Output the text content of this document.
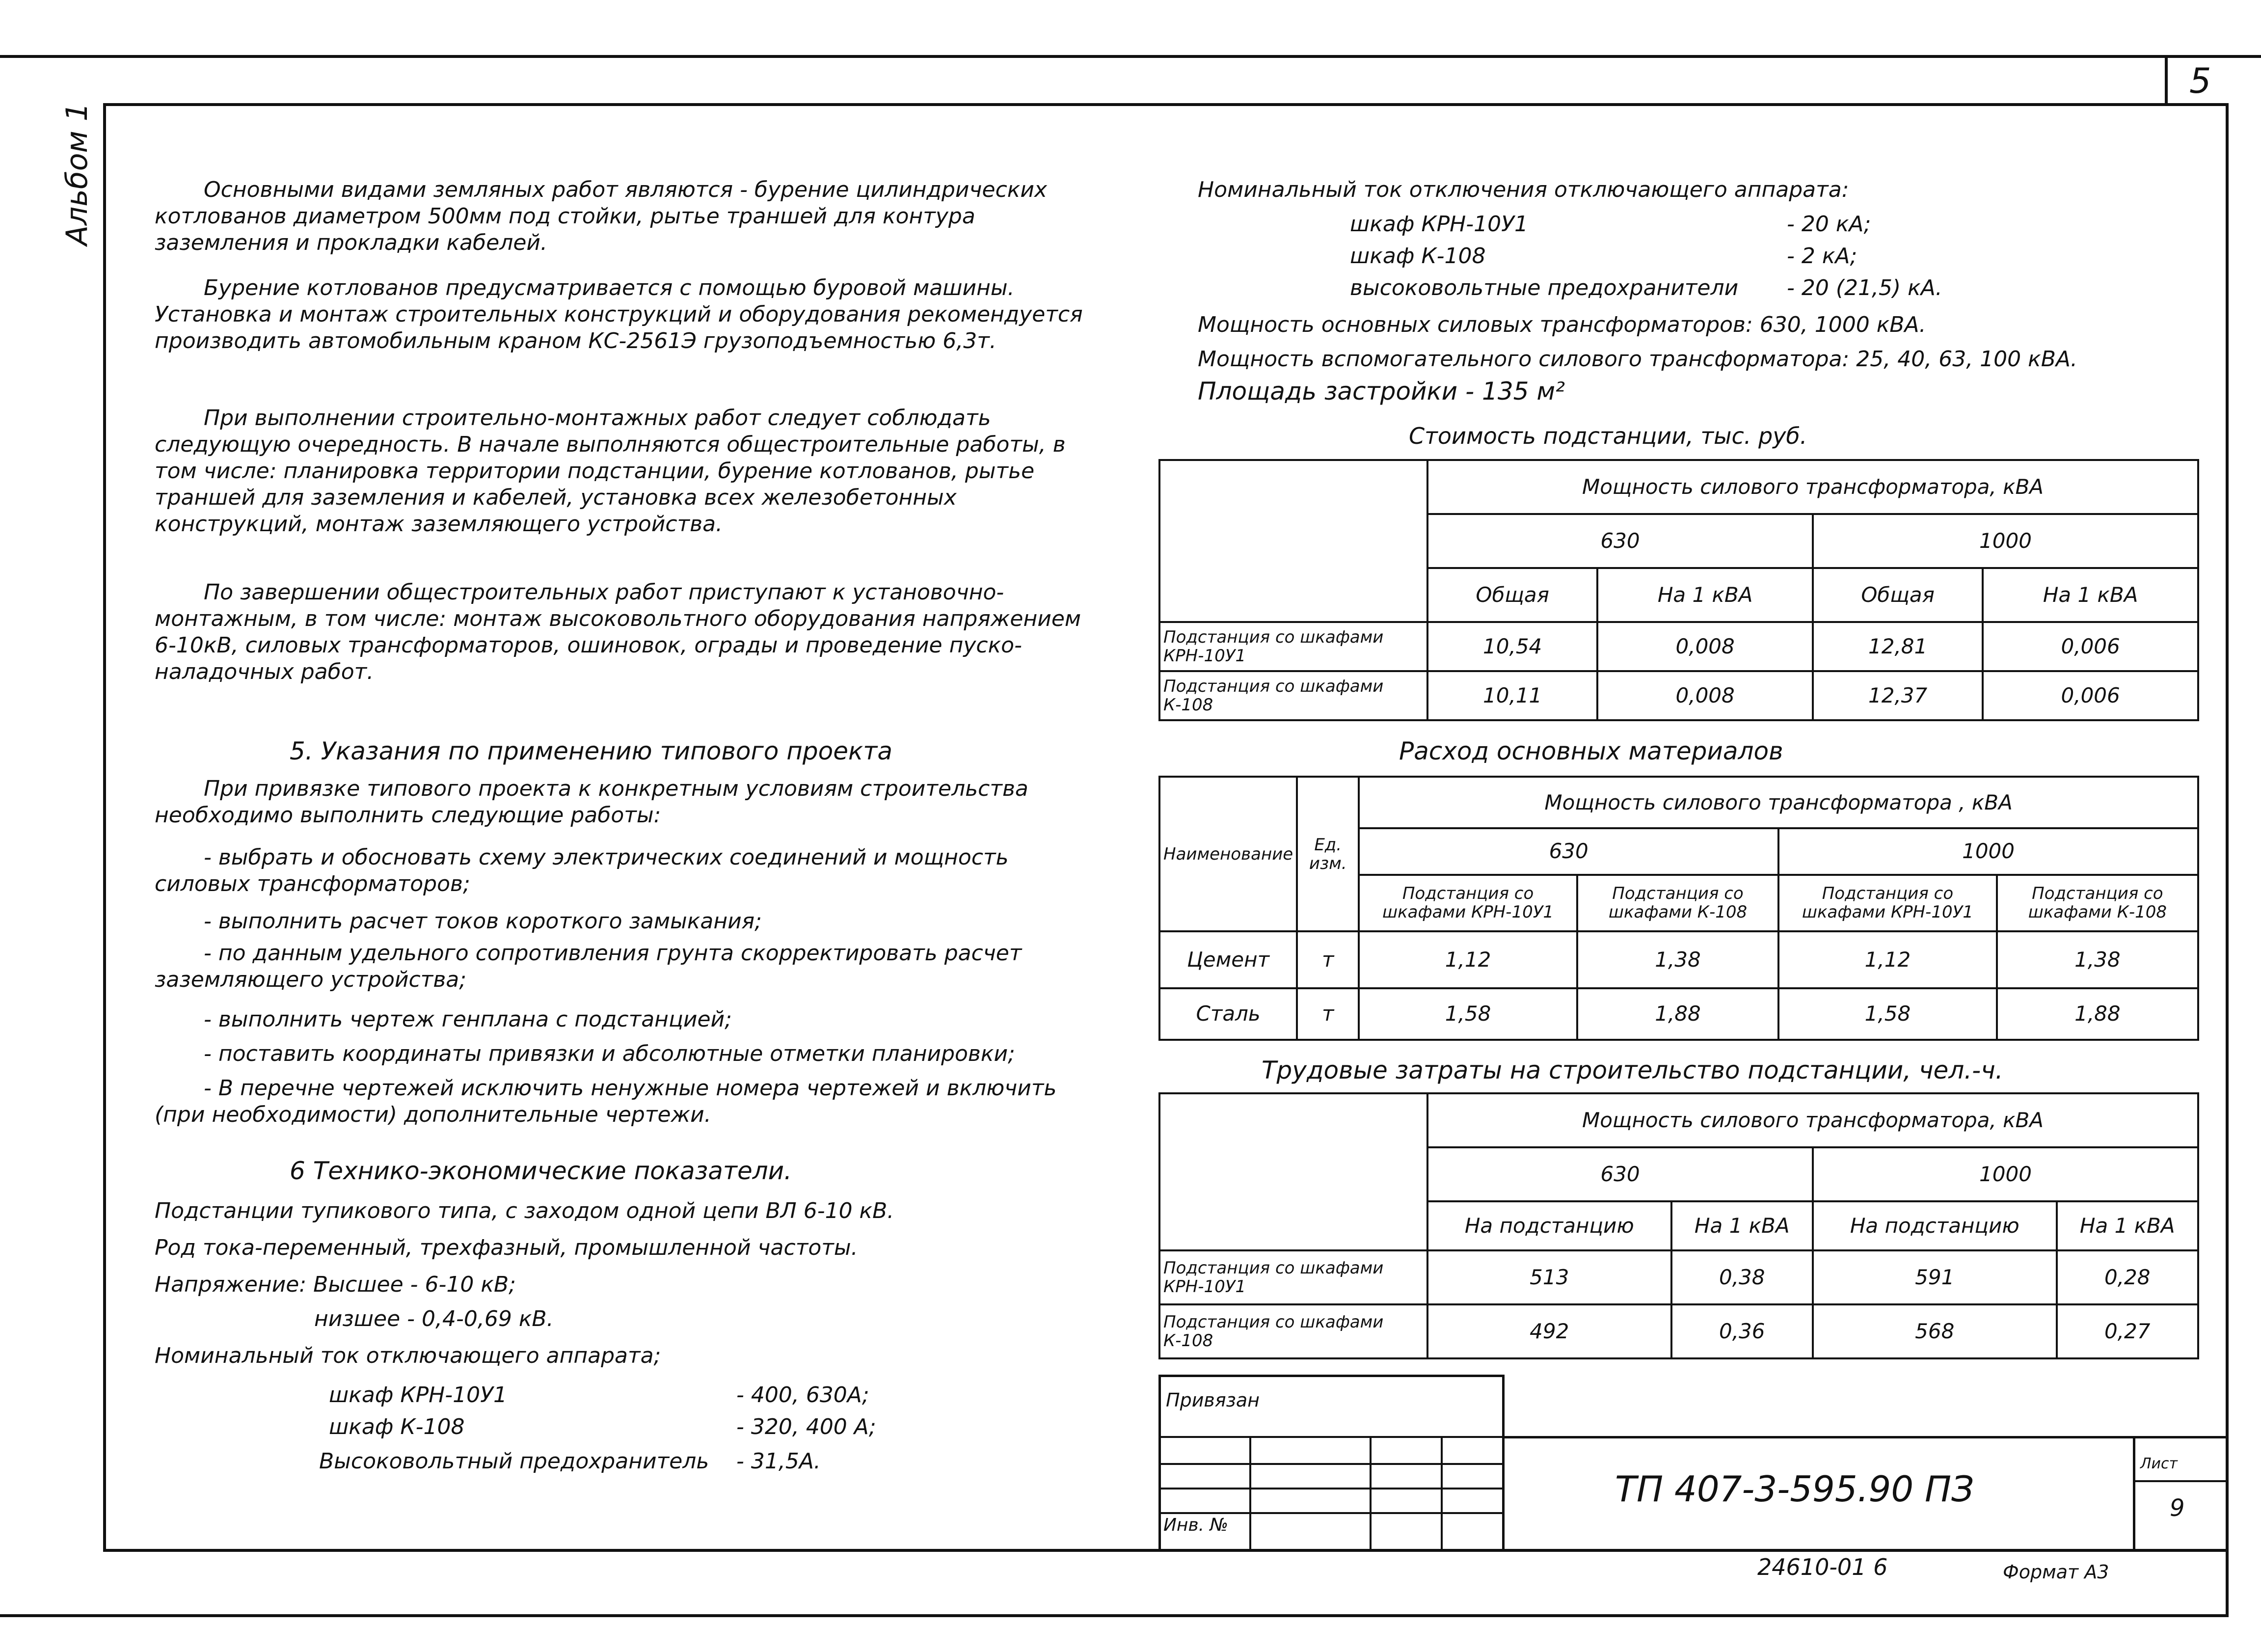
5
Альбом 1	Основными видами земляных работ являются - бурение цилиндрических котлованов диаметром 500мм под стойки, рытье траншей для контура заземления и прокладки кабелей.
Бурение котлованов предусматривается с помощью буровой машины. Установка и монтаж строительных конструкций и оборудования рекомендуется производить автомобильным краном КС-2561Э грузоподъемностью 6,3т.
При выполнении строительно-монтажных работ следует соблюдать следующую очередность. В начале выполняются общестроительные работы, в том числе: планировка территории подстанции, бурение котлованов, рытье траншей для заземления и кабелей, установка всех железобетонных конструкций, монтаж заземляющего устройства.
По завершении общестроительных работ приступают к установочно-монтажным, в том числе: монтаж высоковольтного оборудования напряжением 6-10кВ, силовых трансформаторов, ошиновок, ограды и проведение пуско-наладочных работ.
5. Указания по применению типового проекта
При привязке типового проекта к конкретным условиям строительства необходимо выполнить следующие работы:
- выбрать и обосновать схему электрических соединений и мощность силовых трансформаторов;
- выполнить расчет токов короткого замыкания;
- по данным удельного сопротивления грунта скорректировать расчет заземляющего устройства;
- выполнить чертеж генплана с подстанцией;
- поставить координаты привязки и абсолютные отметки планировки;
- В перечне чертежей исключить ненужные номера чертежей и включить (при необходимости) дополнительные чертежи.
6 Технико-экономические показатели.
Подстанции тупикового типа, с заходом одной цепи ВЛ 6-10 кВ.
Род тока-переменный, трехфазный, промышленной частоты.
Напряжение: Высшее - 6-10 кВ;
низшее - 0,4-0,69 кВ.
Номинальный ток отключающего аппарата;
шкаф КРН-10У1	- 400, 630А;
шкаф К-108	- 320, 400 А;
Высоковольтный предохранитель - 31,5А.
Номинальный ток отключения отключающего аппарата:
шкаф КРН-10У1	- 20 кА;
шкаф К-108	- 2 кА;
высоковольтные предохранители - 20 (21,5) кА.
Мощность основных силовых трансформаторов: 630, 1000 кВА.
Мощность вспомогательного силового трансформатора: 25, 40, 63, 100 кВА.
Площадь застройки - 135 м²
Стоимость подстанции, тыс. руб.
	Мощность силового трансформатора, кВА			
	630		1000	
	Общая	На 1 кВА	Общая	На 1 кВА
Подстанция со шкафами КРН-10У1	10,54	0,008	12,81	0,006
Подстанция со шкафами К-108	10,11	0,008	12,37	0,006
Расход основных материалов
Наименование	Ед. изм.	Мощность силового трансформатора , кВА			
		630		1000	
		Подстанция со шкафами КРН-10У1	Подстанция со шкафами К-108	Подстанция со шкафами КРН-10У1	Подстанция со шкафами К-108
Цемент	т	1,12	1,38	1,12	1,38
Сталь	т	1,58	1,88	1,58	1,88
Трудовые затраты на строительство подстанции, чел.-ч.
	Мощность силового трансформатора, кВА			
	630		1000	
	На подстанцию	На 1 кВА	На подстанцию	На 1 кВА
Подстанция со шкафами КРН-10У1	513	0,38	591	0,28
Подстанция со шкафами К-108	492	0,36	568	0,27
Привязан
Инв. №
ТП 407-3-595.90 ПЗ
Лист
9
24610-01 6	Формат А3
